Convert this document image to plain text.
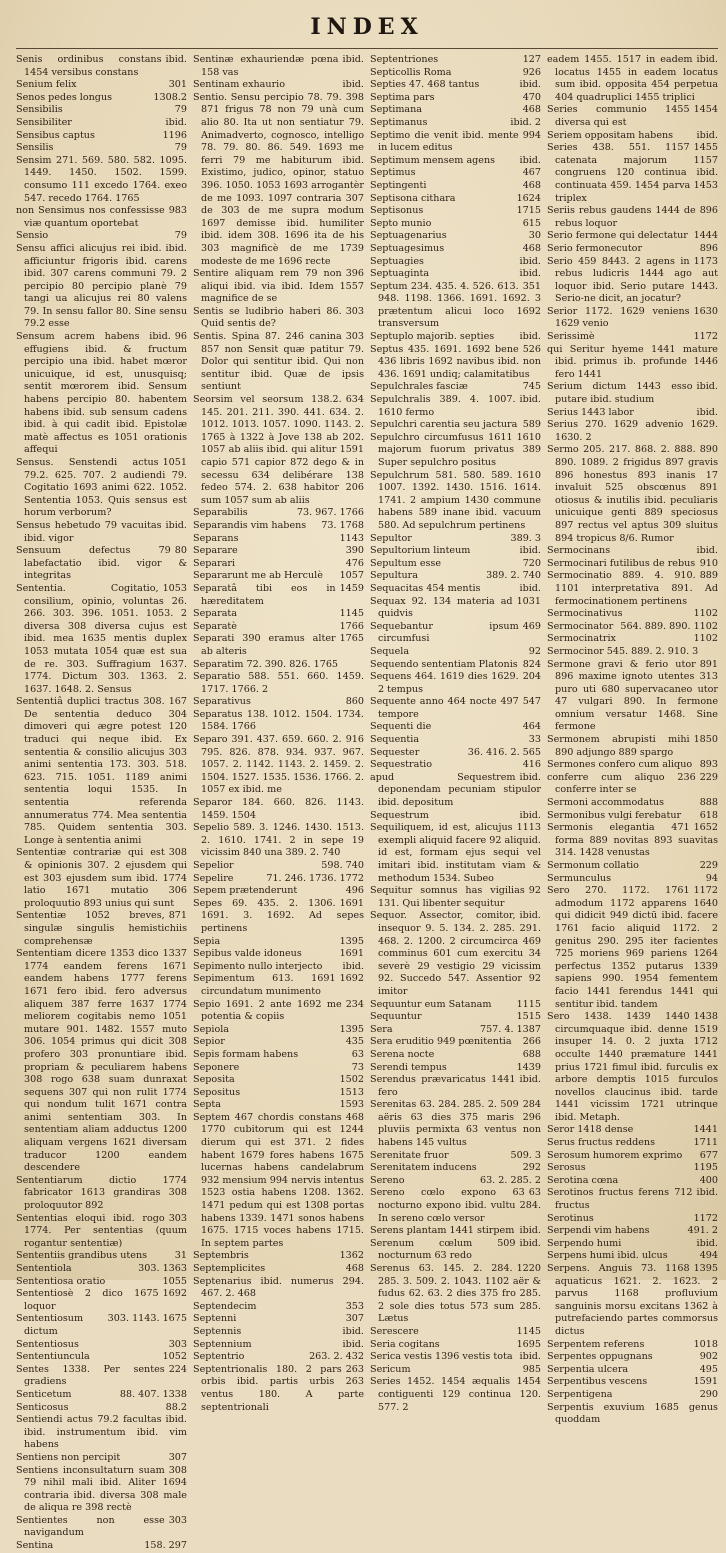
INDEX
ibid.
Senis ordinibus constans 1454 versibus constans
301
Senium felix
1308.2
Senos pedes longus
79
Sensibilis
ibid.
Sensibiliter
1196
Sensibus captus
79
Sensilis
Sensim 271. 569. 580. 582. 1095. 1449. 1450. 1502. 1599. consumo 111 excedo 1764. exeo 547. recedo 1764. 1765
983
non Sensimus nos confessisse viæ quantum oportebat
79
Sensio
ibid.
Sensu affici alicujus rei ibid. afficiuntur frigoris ibid. carens ibid. 307 carens communi 79. 2 percipio 80 percipio planè 79 tangi ua alicujus rei 80 valens 79. In sensu fallor 80. Sine sensu 79.2 esse
96
Sensum acrem habens ibid. effugiens ibid. & fructum percipio una ibid. habet mœror unicuique, id est, unusquisq; sentit mœrorem ibid. Sensum habens percipio 80. habentem habens ibid. sub sensum cadens ibid. à qui cadit ibid. Epistolæ matè affectus es 1051 orationis affequi
1051
Sensus. Senstendi actus 79.2. 625. 707. 2 audiendi 79. Cogitatio 1693 animi 622. 1052. Sententia 1053. Quis sensus est horum verborum?
ibid.
Sensus hebetudo 79 vacuitas ibid. vigor
80
Sensuum defectus 79 labefactatio ibid. vigor & integritas
1053
Sententia. Cogitatio, consilium, opinio, voluntas 26. 266. 303. 396. 1051. 1053. 2 diversa 308 diversa cujus est ibid. mea 1635 mentis duplex 1053 mutata 1054 quæ est sua de re. 303. Suffragium 1637. 1774. Dictum 303. 1363. 2. 1637. 1648. 2. Sensus
167
Sententiâ duplici tractus 308. De sententia deduco 304 dimoveri qui ægre potest 120 traduci qui neque ibid. Ex sententia & consilio alicujus 303 animi sententia 173. 303. 518. 623. 715. 1051. 1189 animi sententia loqui 1535. In sententia referenda annumeratus 774. Mea sententia 785. Quidem sententia 303. Longe à sententia animi
308
Sententiæ contrariæ qui est & opinionis 307. 2 ejusdem qui est 303 ejusdem sum ibid. 1774 latio 1671 mutatio 306 proloquutio 893 unius qui sunt
871
Sententiæ 1052 breves, singulæ singulis hemistichiis comprehensæ
1337
Sententiam dicere 1353 dico 1774 eandem ferens 1671 eandem habens 1777 ferens 1671 fero ibid. fero adversus aliquem 387 ferre 1637 1774 meliorem cogitabis nemo 1051 mutare 901. 1482. 1557 muto 306. 1054 primus qui dicit 308 profero 303 pronuntiare ibid. propriam & peculiarem habens 308 rogo 638 suam dunraxat sequens 307 qui non rulit 1774 qui nondum tulit 1671 contra animi sententiam 303. In sententiam aliam adductus 1200 aliquam vergens 1621 diversam traducor 1200 eandem descendere
Sententiarum dictio 1774 fabricator 1613 grandiras 308 proloquutor 892
303
Sententias eloqui ibid. rogo 1774. Per sententias (quum rogantur sententiæ)
31
Sententiis grandibus utens
303. 1363
Sententiola
1055
Sententiosa oratio
1692
Sententiosè 2 dico 1675 loquor
303. 1143. 1675
Sententiosum dictum
303
Sententiosus
1052
Sententiuncula
224
Sentes 1338. Per sentes gradiens
88. 407. 1338
Senticetum
88.2
Senticosus
ibid.
Sentiendi actus 79.2 facultas ibid. instrumentum ibid. vim habens
307
Sentiens non percipit
308
Sentiens inconsultaturn suam 79 nihil mali ibid. Aliter 1694 contraria ibid. diversa 308 male de aliqua re 398 rectè
303
Sentientes non esse navigandum
158. 297
Sentina
ibid.
Sentinæ exhauriendæ pœna 158 vas
ibid.
Sentinam exhaurio
398
Sentio. Sensu percipio 78. 79. 871 frigus 78 non 79 unà cum alio 80. Ita ut non sentiatur 79. Animadverto, cognosco, intelligo 78. 79. 80. 86. 549. 1693 me ferri 79 me habiturum ibid. Existimo, judico, opinor, statuo 396. 1050. 1053 1693 arrogantèr de me 1093. 1097 contraria 307 de 303 de me supra modum 1697 demisse ibid. humiliter ibid. idem 308. 1696 ita de his 303 magnificè de me 1739 modeste de me 1696 recte
396
Sentire aliquam rem 79 non aliqui ibid. via ibid. Idem 1557 magnifice de se
303
Sentis se ludibrio haberi 86. Quid sentis de?
303
Sentis. Spina 87. 246 canina 857 non Sensit quæ patitur 79. Dolor qui sentitur ibid. Qui non sentitur ibid. Quæ de ipsis sentiunt
634
Seorsim vel seorsum 138.2. 145. 201. 211. 390. 441. 634. 2. 1012. 1013. 1057. 1090. 1143. 2. 1765 à 1322 à Jove 138 ab 202. 1057 ab aliis ibid. qui alitur 1591 capio 571 capior 872 dego & in secessu 634 delibérare 138 fedeo 574. 2. 638 habitor 206 sum 1057 sum ab aliis
73. 967. 1766
Separabilis
73. 1768
Separandis vim habens
1143
Separans
390
Separare
476
Separari
1057
Separarunt me ab Herculè
1459
Separatâ tibi eos in hæreditatem
1145
Separata
1766
Separatè
1765
Separati 390 eramus alter ab alteris
Separatim 72. 390. 826. 1765
Separatio 588. 551. 660. 1459. 1717. 1766. 2
860
Separativus
Separatus 138. 1012. 1504. 1734. 1584. 1766
916
Separo 391. 437. 659. 660. 2. 795. 826. 878. 934. 937. 967. 1057. 2. 1142. 1143. 2. 1459. 2. 1504. 1527. 1535. 1536. 1766. 2. 1057 ex ibid. me
Separor 184. 660. 826. 1143. 1459. 1504
Sepelio 589. 3. 1246. 1430. 1513. 2. 1610. 1741. 2 in sepe 19 vicissim 840 una 389. 2. 740
598. 740
Sepelior
71. 246. 1736. 1772
Sepelire
496
Sepem prætenderunt
1691
Sepes 69. 435. 2. 1306. 1691. 3. 1692. Ad sepes pertinens
1395
Sepia
1691
Sepibus valde idoneus
ibid.
Sepimento nullo interjecto
1692
Sepimentum 613. 1691 circundatum munimento
234
Sepio 1691. 2 ante 1692 me potentia & copiis
1395
Sepiola
435
Sepior
63
Sepis formam habens
73
Seponere
1502
Seposita
1513
Sepositus
1593
Septa
468
Septem 467 chordis constans 1770 cubitorum qui est 1244 dierum qui est 371. 2 fides habent 1679 fores habens 1675 lucernas habens candelabrum 932 mensium 994 nervis intentus 1523 ostia habens 1208. 1362. 1471 pedum qui est 1308 portas habens 1339. 1471 sonos habens 1675. 1715 voces habens 1715. In septem partes
1362
Septembris
468
Septemplicites
Septenarius ibid. numerus 294. 467. 2. 468
353
Septendecim
307
Septenni
ibid.
Septennis
ibid.
Septennium
263. 2. 432
Septentrio
263
Septentrionalis 180. 2 pars orbis ibid. partis urbis 263 ventus 180. A parte septentrionali
127
Septentriones
926
Septicollis Roma
ibid.
Septies 47. 468 tantus
470
Septima pars
468
Septimana
ibid. 2
Septimanus
994
Septimo die venit ibid. mente in lucem editus
ibid.
Septimum mensem agens
467
Septimus
468
Septingenti
1624
Septisona cithara
1715
Septisonus
615
Septo munio
30
Septuagenarius
468
Septuagesimus
ibid.
Septuagies
ibid.
Septuaginta
351
Septum 234. 435. 4. 526. 613. 948. 1198. 1366. 1691. 1692. 3 prætentum alicui loco 1692 transversum
ibid.
Septuplo majorib. septies
526
Septus 435. 1691. 1692 bene 436 libris 1692 navibus ibid. non 436. 1691 undiq; calamitatibus
745
Sepulchrales fasciæ
ibid.
Sepulchralis 389. 4. 1007. 1610 fermo
589
Sepulchri carentia seu jactura
1610
Sepulchro circumfusus 1611 majorum fuorum privatus 389 Super sepulchro positus
1610
Sepulchrum 581. 580. 589. 1007. 1392. 1430. 1516. 1614. 1741. 2 ampium 1430 commune habens 589 inane ibid. vacuum 580. Ad sepulchrum pertinens
389. 3
Sepultor
ibid.
Sepultorium linteum
720
Sepultum esse
389. 2. 740
Sepultura
ibid.
Sequacitas 454 mentis
1031
Sequax 92. 134 materia ad quidvis
469
Sequebantur ipsum circumfusi
92
Sequela
824
Sequendo sententiam Platonis
204
Sequens 464. 1619 dies 1629. 2 tempus
547
Sequente anno 464 nocte 497 tempore
464
Sequenti die
33
Sequentia
36. 416. 2. 565
Sequester
416
Sequestratio
ibid.
apud Sequestrem deponendam pecuniam stipulor ibid. depositum
ibid.
Sequestrum
1113
Sequiliquem, id est, alicujus exempli aliquid facere 92 aliquid. id est, formam ejus sequi vel imitari ibid. institutam viam & methodum 1534. Subeo
92
Sequitur somnus has vigilias 131. Qui libenter sequitur
ibid.
Sequor. Assector, comitor, insequor 9. 5. 134. 2. 285. 291. 468. 2. 1200. 2 circumcirca 469 comminus 601 cum exercitu 34 severè 29 vestigio 29 vicissim 92. Succedo 547. Assentior 92 imitor
1115
Sequuntur eum Satanam
1515
Sequuntur
757. 4. 1387
Sera
266
Sera eruditio 949 pœnitentia
688
Serena nocte
1439
Serendi tempus
ibid.
Serendus prævaricatus 1441 fero
284
Serenitas 63. 284. 285. 2. 509 aëris 63 dies 375 maris 296 pluviis permixta 63 ventus non habens 145 vultus
509. 3
Serenitate fruor
292
Serenitatem inducens
63. 2. 285. 2
Sereno
63
Sereno cœlo expono 63 nocturno expono ibid. vultu 284. In sereno cœlo versor
ibid.
Serens plantam 1441 stirpem
ibid.
Serenum cœlum 509 nocturnum 63 redo
1220
Serenus 63. 145. 2. 284. 285. 3. 509. 2. 1043. 1102 aër & fudus 62. 63. 2 dies 375 fro 285. 2 sole dies totus 573 sum 285. Lætus
1145
Serescere
1695
Seria cogitans
ibid.
Serica vestis 1396 vestis tota
985
Sericum
Series 1452. 1454 æqualis 1454 contiguenti 129 continua 120. 577. 2
ibid.
eadem 1455. 1517 in eadem locatus 1455 in eadem locatus sum ibid. opposita 454 perpetua 404 quadruplici 1455 triplici
1454
Series communio 1455 diversa qui est
ibid.
Seriem oppositam habens
1455
Series 438. 551. 1157 catenata majorum 1157 congruens 120 continua ibid. continuata 459. 1454 parva 1453 triplex
896
Seriis rebus gaudens 1444 de rebus loquor
1444
Serio fermone qui delectatur
896
Serio fermonecutor
1173
Serio 459 8443. 2 agens in rebus ludicris 1444 ago aut loquor ibid. Serio putare 1443. Serio-ne dicit, an jocatur?
1630
Serior 1172. 1629 veniens 1629 venio
1172
Serissimè
qui Seritur hyeme 1441 mature ibid. primus ib. profunde 1446 fero 1441
ibid.
Serium dictum 1443 esso putare ibid. studium
ibid.
Serius 1443 labor
Serius 270. 1629 advenio 1629. 1630. 2
890
Sermo 205. 217. 868. 2. 888. 890. 1089. 2 frigidus 897 gravis 896 honestus 893 inanis 17 invaluit 525 obscœnus 891 otiosus & inutilis ibid. peculiaris unicuique genti 889 speciosus 897 rectus vel aptus 309 sluitus 894 tropicus 8/6. Rumor
ibid.
Sermocinans
910
Sermocinari futilibus de rebus
889
Sermocinatio 889. 4. 910. 1101 interpretativa 891. Ad fermocinationem pertinens
1102
Sermocinativus
564. 889. 890. 1102
Sermocinator
1102
Sermocinatrix
Sermocinor 545. 889. 2. 910. 3
891
Sermone gravi & ferio utor 896 maxime ignoto utentes 313 puro uti 680 supervacaneo utor 47 vulgari 890. In fermone omnium versatur 1468. Sine fermone
1850
Sermonem abrupisti mihi 890 adjungo 889 spargo
893
Sermones confero cum aliquo
229
conferre cum aliquo 236 conferre inter se
888
Sermoni accommodatus
618
Sermonibus vulgi ferebatur
1652
Sermonis elegantia 471 forma 889 novitas 893 suavitas 314. 1428 venustas
229
Sermonum collatio
94
Sermunculus
1172
Sero 270. 1172. 1761 admodum 1172 apparens 1640 qui didicit 949 dictū ibid. facere 1761 facio aliquid 1172. 2 genitus 290. 295 iter facientes 725 moriens 969 pariens 1264 perfectus 1352 putarus 1339 sapiens 990. 1954 fementem facio 1441 ferendus 1441 qui sentitur ibid. tandem
1438
Sero 1438. 1439 1440 circumquaque ibid. denne 1519 insuper 14. 0. 2 juxta 1712 occulte 1440 præmature 1441 prius 1721 fimul ibid. furculis ex arbore demptis 1015 furculos novellos claucinus ibid. tarde 1441 vicissim 1721 utrinque ibid. Metaph.
1441
Seror 1418 dense
1711
Serus fructus reddens
677
Serosum humorem exprimo
1195
Serosus
400
Serotina cœna
ibid.
Serotinos fructus ferens 712 fructus
1172
Serotinus
491. 2
Serpendi vim habens
ibid.
Serpendo humi
494
Serpens humi ibid. ulcus
1395
Serpens. Anguis 73. 1168 aquaticus 1621. 2. 1623. 2 parvus 1168 profluvium sanguinis morsu excitans 1362 à putrefaciendo partes commorsus dictus
1018
Serpentem referens
902
Serpentes oppugnans
495
Serpentia ulcera
1591
Serpentibus vescens
290
Serpentigena
Serpentis exuvium 1685 genus quoddam
